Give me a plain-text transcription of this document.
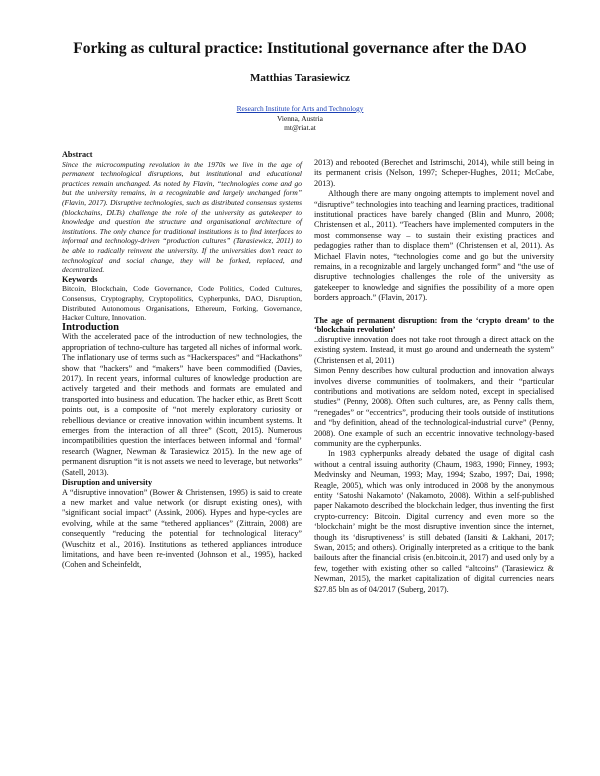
Forking as cultural practice: Institutional governance after the DAO
Matthias Tarasiewicz
Research Institute for Arts and Technology
Vienna, Austria
mt@riat.at

Abstract

Since the microcomputing revolution in the 1970s we live in the age of permanent technological disruptions, but institutional and educational practices remain unchanged. As noted by Flavin, “technologies come and go but the university remains, in a recognizable and largely unchanged form” (Flavin, 2017). Disruptive technologies, such as distributed consensus systems (blockchains, DLTs) challenge the role of the university as gatekeeper to knowledge and question the structure and organisational architecture of institutions. The only chance for traditional institutions is to find interfaces to informal and technology-driven “production cultures” (Tarasiewicz, 2011) to be able to radically reinvent the university. If the universities don’t react to technological and social change, they will be forked, replaced, and decentralized.

Keywords

Bitcoin, Blockchain, Code Governance, Code Politics, Coded Cultures, Consensus, Cryptography, Cryptopolitics, Cypherpunks, DAO, Disruption, Distributed Autonomous Organisations, Ethereum, Forking, Governance, Hacker Culture, Innovation.

Introduction

With the accelerated pace of the introduction of new technologies, the appropriation of techno-culture has targeted all niches of informal work. The inflationary use of terms such as “Hackerspaces” and “Hackathons” show that “hackers” and “makers” have been commodified (Davies, 2017). In recent years, informal cultures of knowledge production are actively targeted and their methods and formats are emulated and transported into business and education. The hacker ethic, as Brett Scott points out, is a composite of “not merely exploratory curiosity or rebellious deviance or creative innovation within incumbent systems. It emerges from the interaction of all three” (Scott, 2015). Numerous incompatibilities question the interfaces between informal and ‘formal’ research (Wagner, Newman & Tarasiewicz 2015). In the new age of permanent disruption “it is not assets we need to leverage, but networks” (Satell, 2013).

Disruption and university

A “disruptive innovation” (Bower & Christensen, 1995) is said to create a new market and value network (or disrupt existing ones), with "significant social impact" (Assink, 2006). Hypes and hype-cycles are evolving, while at the same “tethered appliances” (Zittrain, 2008) are consequently “reducing the potential for technological literacy” (Wuschitz et al., 2016). Institutions as tethered appliances introduce limitations, and have been re-invented (Johnson et al., 1995), hacked (Cohen and Scheinfeldt,

2013) and rebooted (Berechet and Istrimschi, 2014), while still being in its permanent crisis (Nelson, 1997; Scheper-Hughes, 2011; McCabe, 2013).

Although there are many ongoing attempts to implement novel and “disruptive” technologies into teaching and learning practices, traditional institutional practices have barely changed (Blin and Munro, 2008; Christensen et al., 2011). “Teachers have implemented computers in the most commonsense way – to sustain their existing practices and pedagogies rather than to displace them” (Christensen et al, 2011). As Michael Flavin notes, “technologies come and go but the university remains, in a recognizable and largely unchanged form” and “the use of disruptive technologies challenges the role of the university as gatekeeper to knowledge and signifies the possibility of a more open borders approach.” (Flavin, 2017).

The age of permanent disruption: from the ‘crypto dream’ to the ‘blockchain revolution’

..disruptive innovation does not take root through a direct attack on the existing system. Instead, it must go around and underneath the system” (Christensen et al, 2011)

Simon Penny describes how cultural production and innovation always involves diverse communities of toolmakers, and their “particular contributions and motivations are seldom noted, except in specialised studies” (Penny, 2008). Often such cultures, are, as Penny calls them, “renegades” or “eccentrics”, producing their tools outside of institutions and “by definition, ahead of the technological-industrial curve” (Penny, 2008). One example of such an eccentric innovative technology-based community are the cypherpunks.

In 1983 cypherpunks already debated the usage of digital cash without a central issuing authority (Chaum, 1983, 1990; Finney, 1993; Medvinsky and Neuman, 1993; May, 1994; Szabo, 1997; Dai, 1998; Reagle, 2005), which was only introduced in 2008 by the anonymous entity ‘Satoshi Nakamoto’ (Nakamoto, 2008). Within a self-published paper Nakamoto described the blockchain ledger, thus inventing the first crypto-currency: Bitcoin. Digital currency and even more so the ‘blockchain’ might be the most disruptive invention since the internet, though its ‘disruptiveness’ is still debated (Iansiti & Lakhani, 2017; Swan, 2015; and others). Originally interpreted as a critique to the bank bailouts after the financial crisis (en.bitcoin.it, 2017) and used only by a few, together with existing other so called “altcoins” (Tarasiewicz & Newman, 2015), the market capitalization of digital currencies nears $27.85 bln as of 04/2017 (Suberg, 2017).
